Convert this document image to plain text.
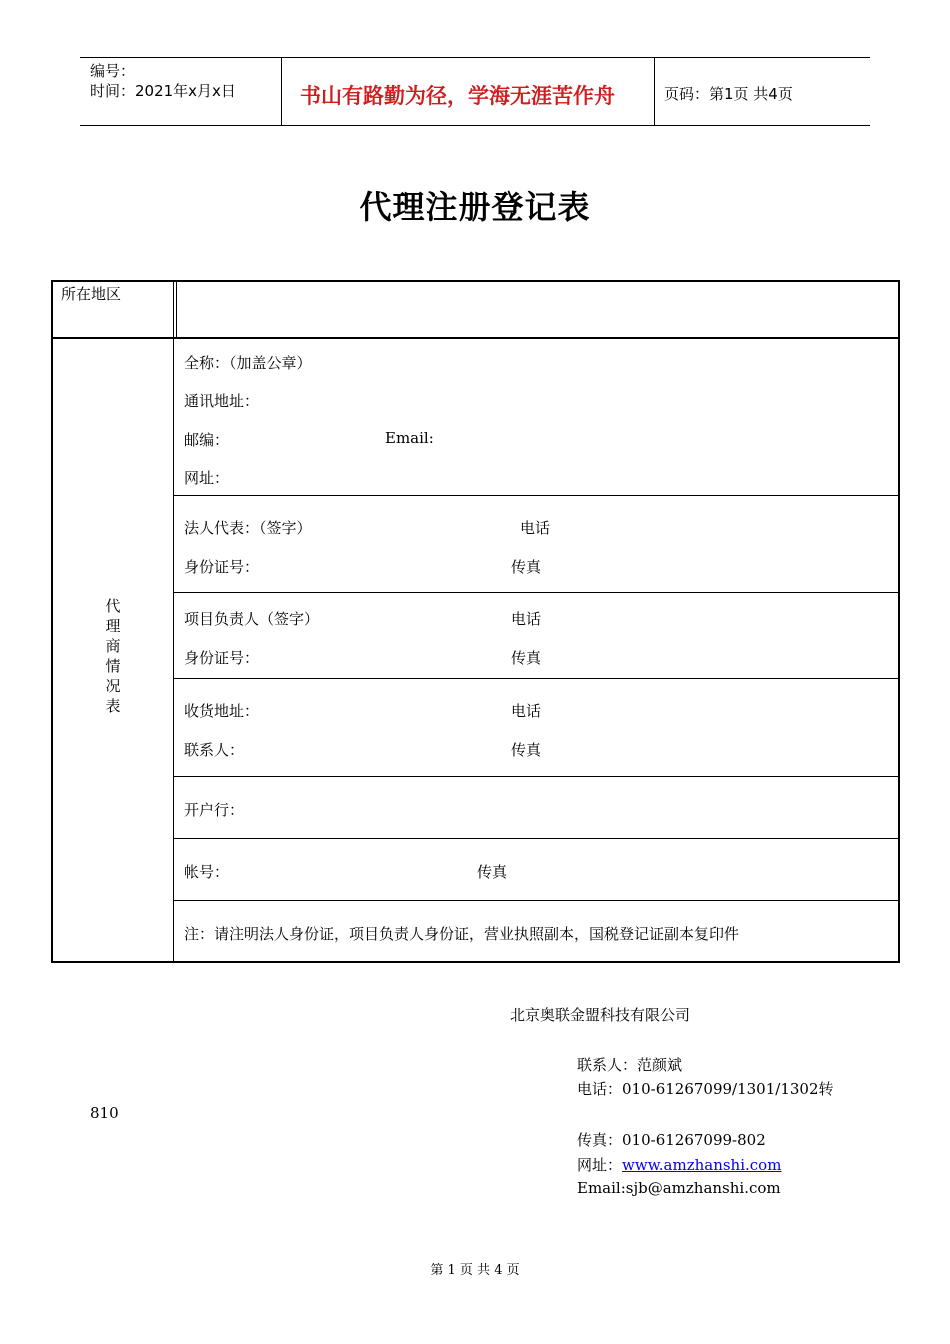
编号：
时间：2021年x月x日	书山有路勤为径，学海无涯苦作舟	页码：第1页 共4页
代理注册登记表
所在地区
代
理
商
情
况
表
全称：（加盖公章）
通讯地址：
邮编：	Email:
网址：
法人代表：（签字）	电话
身份证号：	传真
项目负责人（签字）	电话
身份证号：	传真
收货地址：	电话
联系人：	传真
开户行：
帐号：	传真
注：请注明法人身份证，项目负责人身份证，营业执照副本，国税登记证副本复印件
北京奥联金盟科技有限公司
联系人：范颜斌
电话：010-61267099/1301/1302转
810
传真：010-61267099-802
网址：www.amzhanshi.com
Email:sjb@amzhanshi.com
第 1 页 共 4 页
